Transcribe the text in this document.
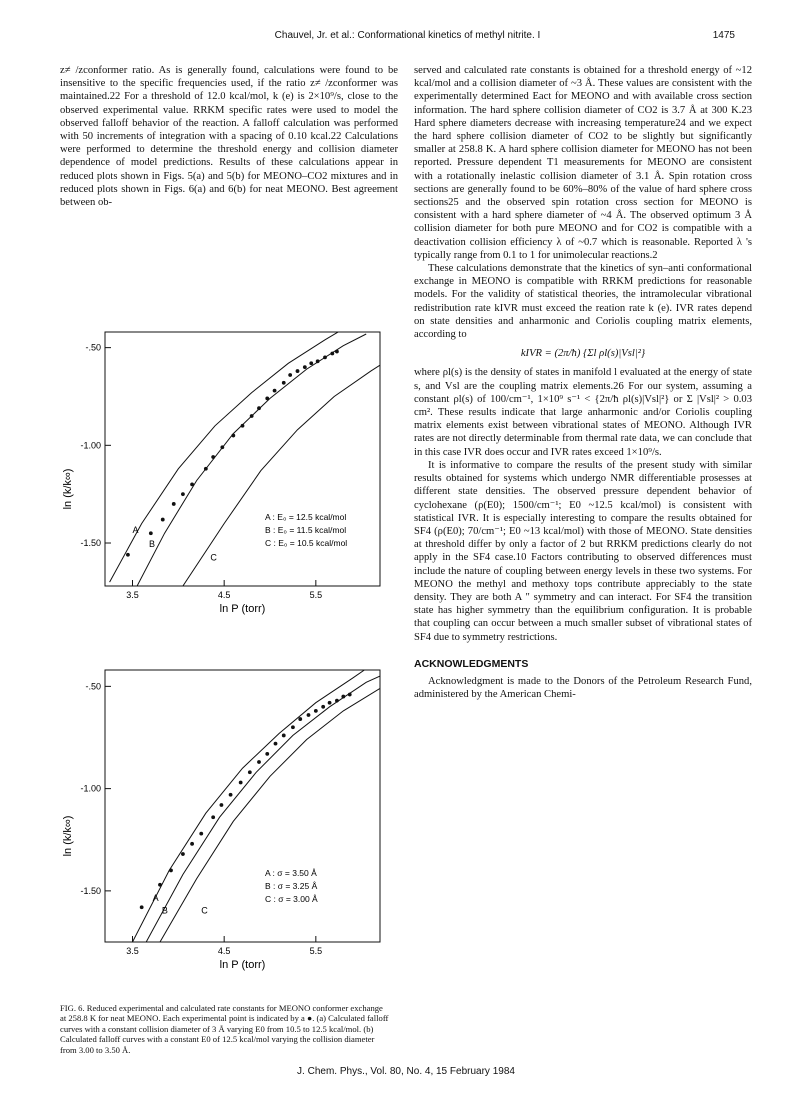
Chauvel, Jr. et al.: Conformational kinetics of methyl nitrite. I	1475

z≠ /zconformer ratio. As is generally found, calculations were found to be insensitive to the specific frequencies used, if the ratio z≠ /zconformer was maintained.22 For a threshold of 12.0 kcal/mol, k (e) is 2×10⁹/s, close to the observed experimental value. RRKM specific rates were used to model the observed falloff behavior of the reaction. A falloff calculation was performed with 50 increments of integration with a spacing of 0.10 kcal.22 Calculations were performed to determine the threshold energy and collision diameter dependence of model predictions. Results of these calculations appear in reduced plots shown in Figs. 5(a) and 5(b) for MEONO–CO2 mixtures and in reduced plots shown in Figs. 6(a) and 6(b) for neat MEONO. Best agreement between ob-

3.5	4.5	5.5
-.50
-1.00
-1.50
ln P (torr)
ln (k/k∞)
A
B
C
A : E₀ = 12.5 kcal/mol
B : E₀ = 11.5 kcal/mol
C : E₀ = 10.5 kcal/mol
3.5	4.5	5.5
-.50
-1.00
-1.50
ln P (torr)
ln (k/k∞)
A
B	C
A : σ = 3.50 Å
B : σ = 3.25 Å
C : σ = 3.00 Å
FIG. 6. Reduced experimental and calculated rate constants for MEONO conformer exchange at 258.8 K for neat MEONO. Each experimental point is indicated by a ●. (a) Calculated falloff curves with a constant collision diameter of 3 Å varying E0 from 10.5 to 12.5 kcal/mol. (b) Calculated falloff curves with a constant E0 of 12.5 kcal/mol varying the collision diameter from 3.00 to 3.50 Å.

served and calculated rate constants is obtained for a threshold energy of ~12 kcal/mol and a collision diameter of ~3 Å. These values are consistent with the experimentally determined Eact for MEONO and with available cross section information. The hard sphere collision diameter of CO2 is 3.7 Å at 300 K.23 Hard sphere diameters decrease with increasing temperature24 and we expect the hard sphere collision diameter of CO2 to be slightly but significantly smaller at 258.8 K. A hard sphere collision diameter for MEONO has not been reported. Pressure dependent T1 measurements for MEONO are consistent with a rotationally inelastic collision diameter of 3.1 Å. Spin rotation cross sections are generally found to be 60%–80% of the value of hard sphere cross sections25 and the observed spin rotation cross section for MEONO is consistent with a hard sphere diameter of ~4 Å. The observed optimum 3 Å collision diameter for both pure MEONO and for CO2 is compatible with a deactivation collision efficiency λ of ~0.7 which is reasonable. Reported λ 's typically range from 0.1 to 1 for unimolecular reactions.2

These calculations demonstrate that the kinetics of syn–anti conformational exchange in MEONO is compatible with RRKM predictions for reasonable models. For the validity of statistical theories, the intramolecular vibrational redistribution rate kIVR must exceed the reation rate k (e). IVR rates depend on state densities and anharmonic and Coriolis coupling matrix elements, according to

kIVR = (2π/ħ) {Σl ρl(s)|Vsl|²}

where ρl(s) is the density of states in manifold l evaluated at the energy of state s, and Vsl are the coupling matrix elements.26 For our system, assuming a constant ρl(s) of 100/cm⁻¹, 1×10⁹ s⁻¹ < {2π/ħ ρl(s)|Vsl|²} or Σ |Vsl|² > 0.03 cm². These results indicate that large anharmonic and/or Coriolis coupling matrix elements exist between vibrational states of MEONO. Although IVR rates are not directly determinable from thermal rate data, we can conclude that in this case IVR does occur and IVR rates exceed 1×10⁹/s.

It is informative to compare the results of the present study with similar results obtained for systems which undergo NMR differentiable prosesses at different state densities. The observed pressure dependent behavior of cyclohexane (ρ(E0); 1500/cm⁻¹; E0 ~12.5 kcal/mol) is consistent with statistical IVR. It is especially interesting to compare the results obtained for SF4 (ρ(E0); 70/cm⁻¹; E0 ~13 kcal/mol) with those of MEONO. State densities at threshold differ by only a factor of 2 but RRKM predictions clearly do not apply in the SF4 case.10 Factors contributing to observed differences must include the nature of coupling between energy levels in these two systems. For MEONO the methyl and methoxy tops contribute appreciably to the state density. They are both A " symmetry and can interact. For SF4 the transition state has higher symmetry than the equilibrium configuration. It is probable that coupling can occur between a much smaller subset of vibrational states of SF4 due to symmetry restrictions.

ACKNOWLEDGMENTS

Acknowledgment is made to the Donors of the Petroleum Research Fund, administered by the American Chemi-

J. Chem. Phys., Vol. 80, No. 4, 15 February 1984
